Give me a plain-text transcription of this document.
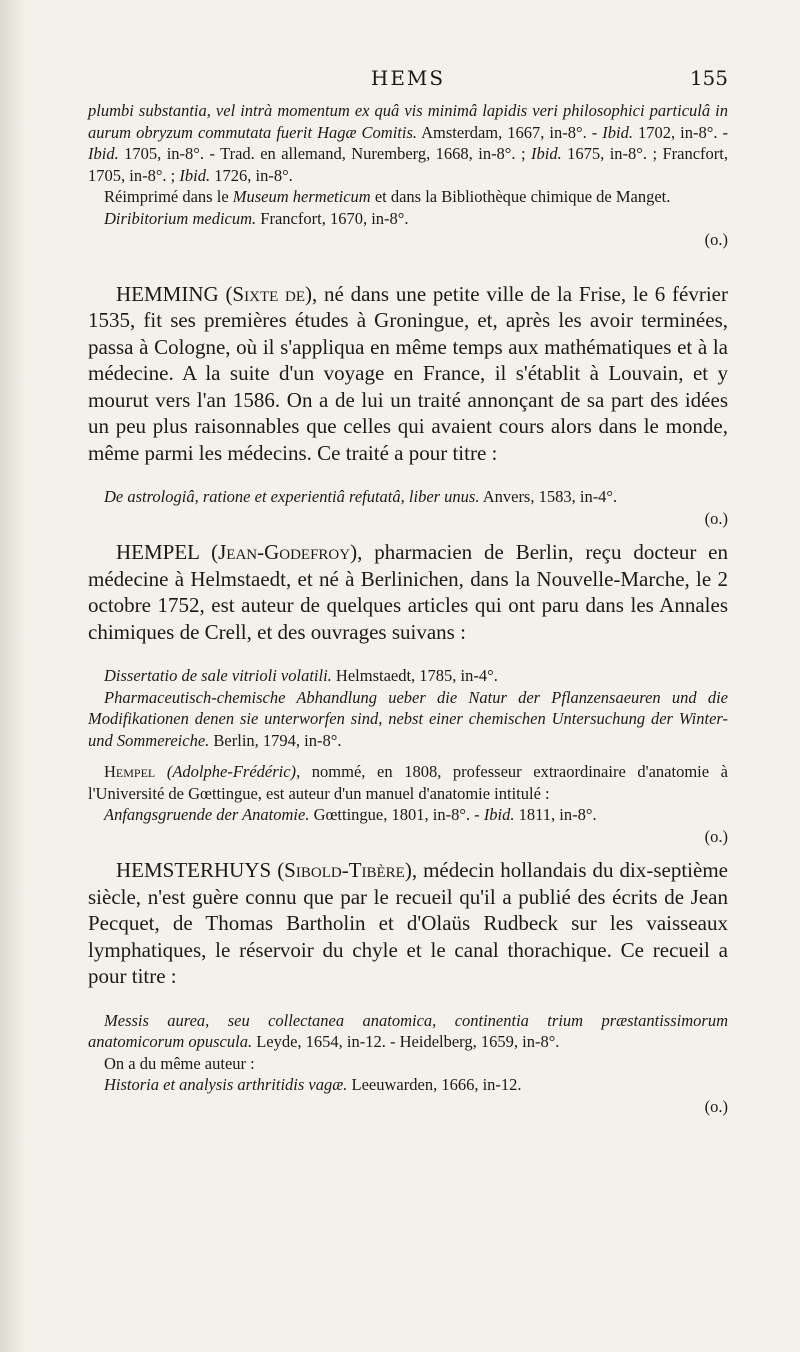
HEMS	155

plumbi substantia, vel intrà momentum ex quâ vis minimâ lapidis veri philosophici particulâ in aurum obryzum commutata fuerit Hagæ Comitis. Amsterdam, 1667, in-8°. - Ibid. 1702, in-8°. - Ibid. 1705, in-8°. - Trad. en allemand, Nuremberg, 1668, in-8°. ; Ibid. 1675, in-8°. ; Francfort, 1705, in-8°. ; Ibid. 1726, in-8°.

Réimprimé dans le Museum hermeticum et dans la Bibliothèque chimique de Manget.

Diribitorium medicum. Francfort, 1670, in-8°.

(o.)

HEMMING (Sixte de), né dans une petite ville de la Frise, le 6 février 1535, fit ses premières études à Groningue, et, après les avoir terminées, passa à Cologne, où il s'appliqua en même temps aux mathématiques et à la médecine. A la suite d'un voyage en France, il s'établit à Louvain, et y mourut vers l'an 1586. On a de lui un traité annonçant de sa part des idées un peu plus raisonnables que celles qui avaient cours alors dans le monde, même parmi les médecins. Ce traité a pour titre :

De astrologiâ, ratione et experientiâ refutatâ, liber unus. Anvers, 1583, in-4°.

(o.)

HEMPEL (Jean-Godefroy), pharmacien de Berlin, reçu docteur en médecine à Helmstaedt, et né à Berlinichen, dans la Nouvelle-Marche, le 2 octobre 1752, est auteur de quelques articles qui ont paru dans les Annales chimiques de Crell, et des ouvrages suivans :

Dissertatio de sale vitrioli volatili. Helmstaedt, 1785, in-4°.

Pharmaceutisch-chemische Abhandlung ueber die Natur der Pflanzensaeuren und die Modifikationen denen sie unterworfen sind, nebst einer chemischen Untersuchung der Winter-und Sommereiche. Berlin, 1794, in-8°.

Hempel (Adolphe-Frédéric), nommé, en 1808, professeur extraordinaire d'anatomie à l'Université de Gœttingue, est auteur d'un manuel d'anatomie intitulé :

Anfangsgruende der Anatomie. Gœttingue, 1801, in-8°. - Ibid. 1811, in-8°.

(o.)

HEMSTERHUYS (Sibold-Tibère), médecin hollandais du dix-septième siècle, n'est guère connu que par le recueil qu'il a publié des écrits de Jean Pecquet, de Thomas Bartholin et d'Olaüs Rudbeck sur les vaisseaux lymphatiques, le réservoir du chyle et le canal thorachique. Ce recueil a pour titre :

Messis aurea, seu collectanea anatomica, continentia trium præstantissimorum anatomicorum opuscula. Leyde, 1654, in-12. - Heidelberg, 1659, in-8°.

On a du même auteur :

Historia et analysis arthritidis vagæ. Leeuwarden, 1666, in-12.

(o.)
